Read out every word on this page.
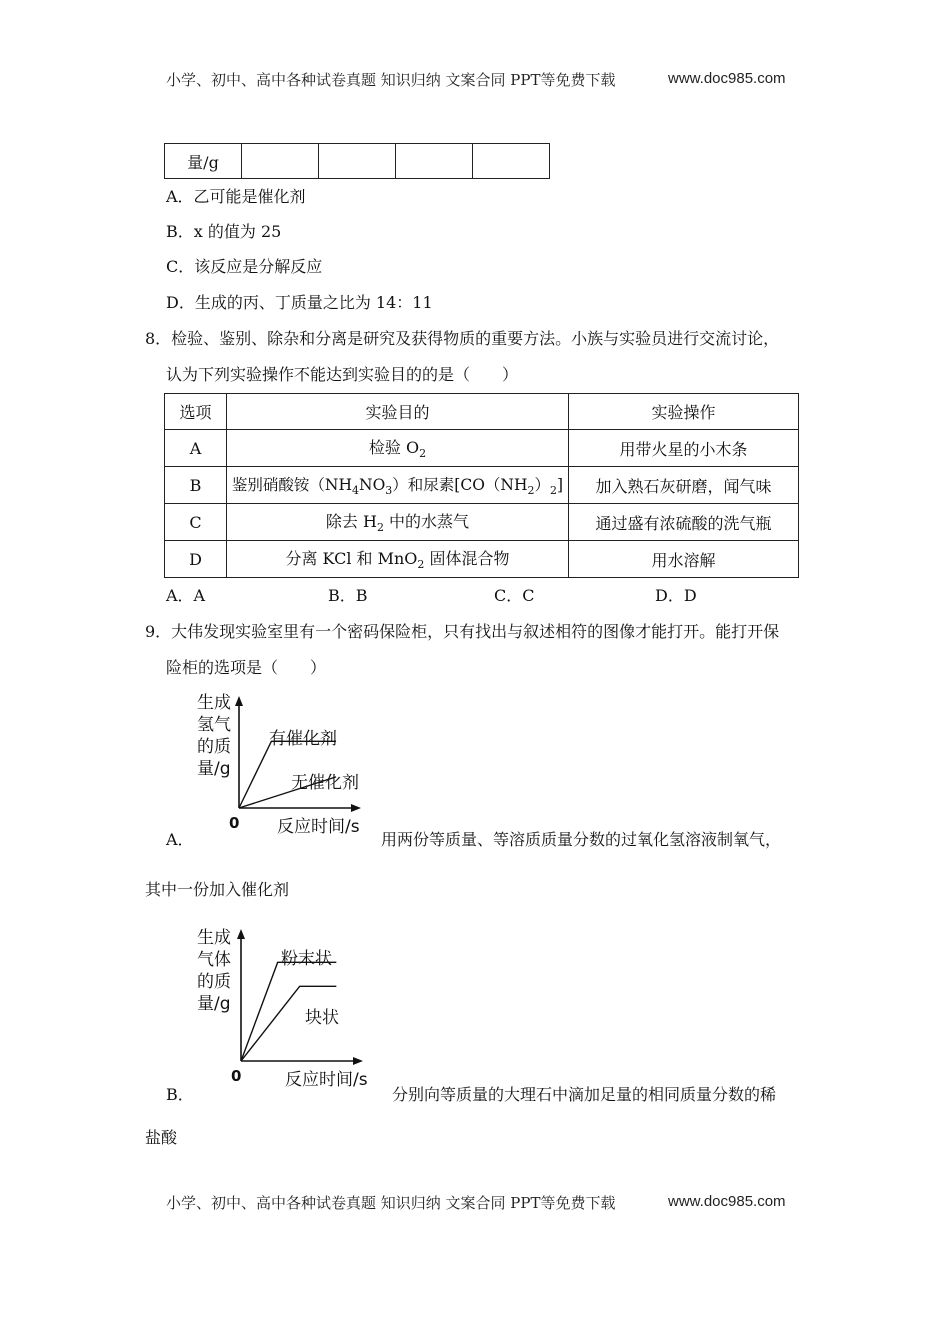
小学、初中、高中各种试卷真题 知识归纳 文案合同 PPT等免费下载	www.doc985.com
量/g				
A．乙可能是催化剂
B．x 的值为 25
C．该反应是分解反应
D．生成的丙、丁质量之比为 14：11
8．检验、鉴别、除杂和分离是研究及获得物质的重要方法。小族与实验员进行交流讨论，
认为下列实验操作不能达到实验目的的是（　　）
选项	实验目的	实验操作
A	检验 $O_2$	用带火星的小木条
B	鉴别硝酸铵$(NH_4NO_3)$和尿素$[CO(NH_2)_2]$	加入熟石灰研磨，闻气味
C	除去 $H_2$ 中的水蒸气	通过盛有浓硫酸的洗气瓶
D	分离 KCl 和 MnO$_2$ 固体混合物	用水溶解
A．A	B．B	C．C	D．D
9．大伟发现实验室里有一个密码保险柜，只有找出与叙述相符的图像才能打开。能打开保
险柜的选项是（　　）
生成
氢气
的质
量/g
0 反应时间/s
有催化剂
无催化剂
A．	用两份等质量、等溶质质量分数的过氧化氢溶液制氧气，
其中一份加入催化剂
生成
气体
的质
量/g
0	反应时间/s
粉末状
块状
B．	分别向等质量的大理石中滴加足量的相同质量分数的稀
盐酸
小学、初中、高中各种试卷真题 知识归纳 文案合同 PPT等免费下载	www.doc985.com
